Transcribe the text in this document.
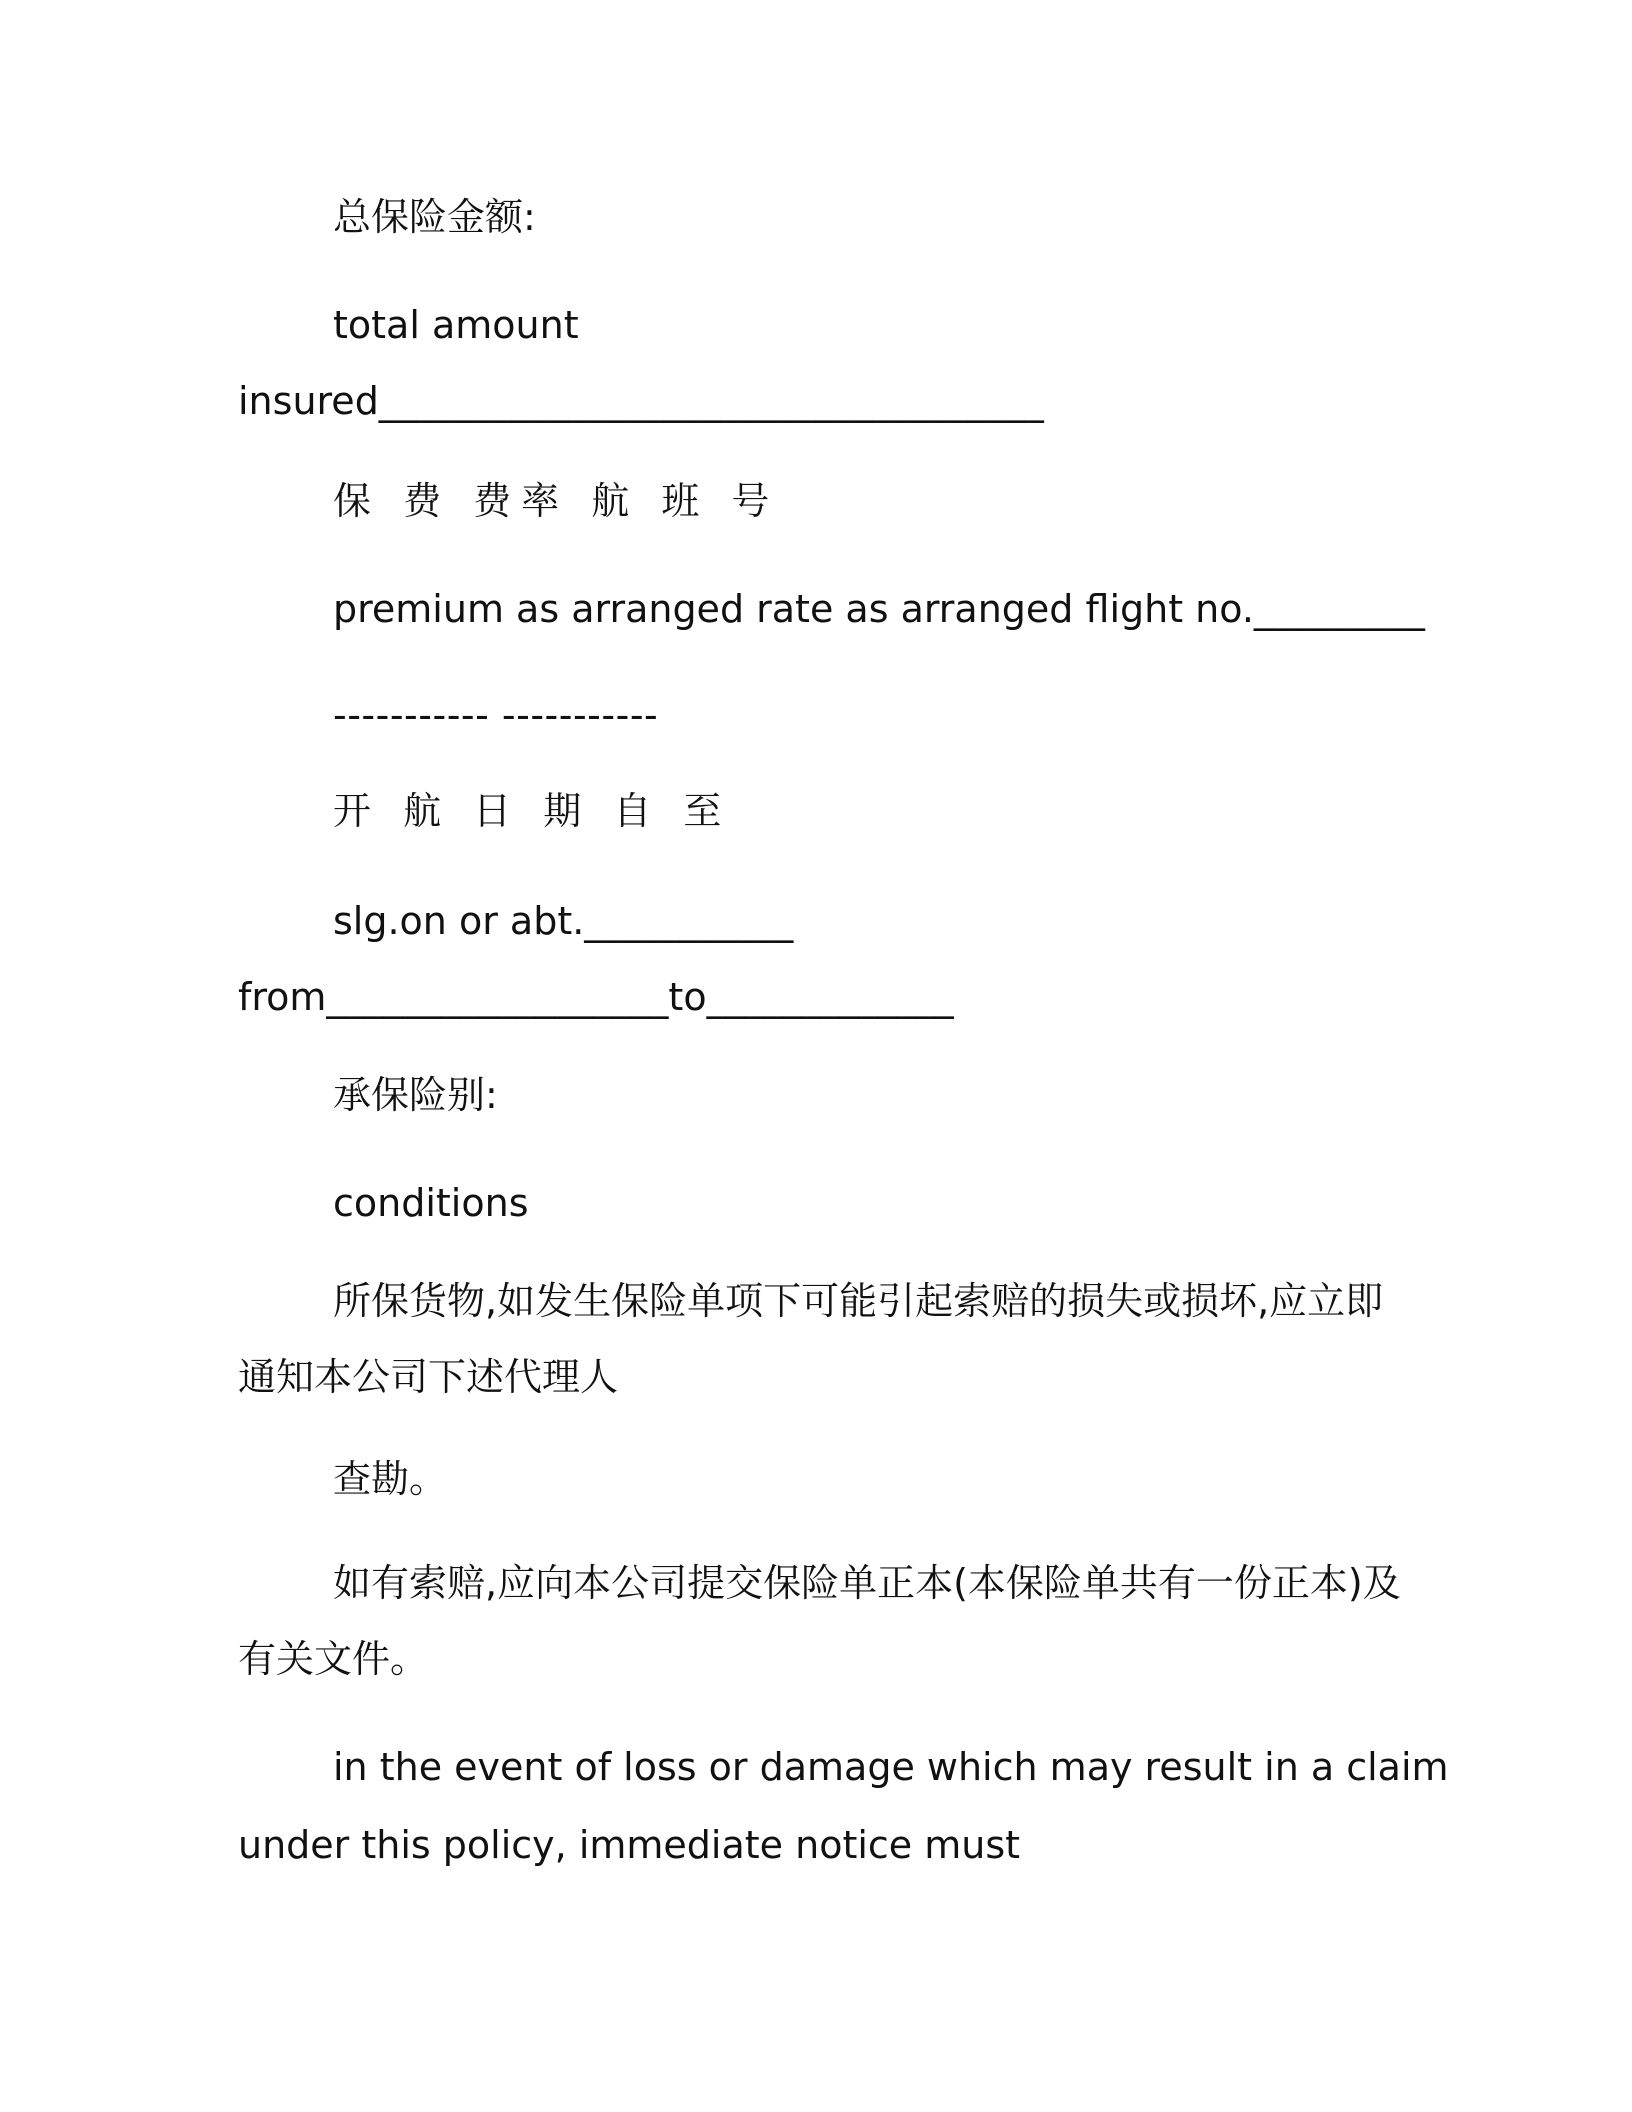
总保险金额:
total amount
insured___________________________________
保 费 费率 航 班 号
premium as arranged rate as arranged flight no._________
----------- -----------
开 航 日 期 自 至
slg.on or abt.___________
from__________________to_____________
承保险别:
conditions
所保货物,如发生保险单项下可能引起索赔的损失或损坏,应立即
通知本公司下述代理人
查勘。
如有索赔,应向本公司提交保险单正本(本保险单共有一份正本)及
有关文件。
in the event of loss or damage which may result in a claim
under this policy, immediate notice must
